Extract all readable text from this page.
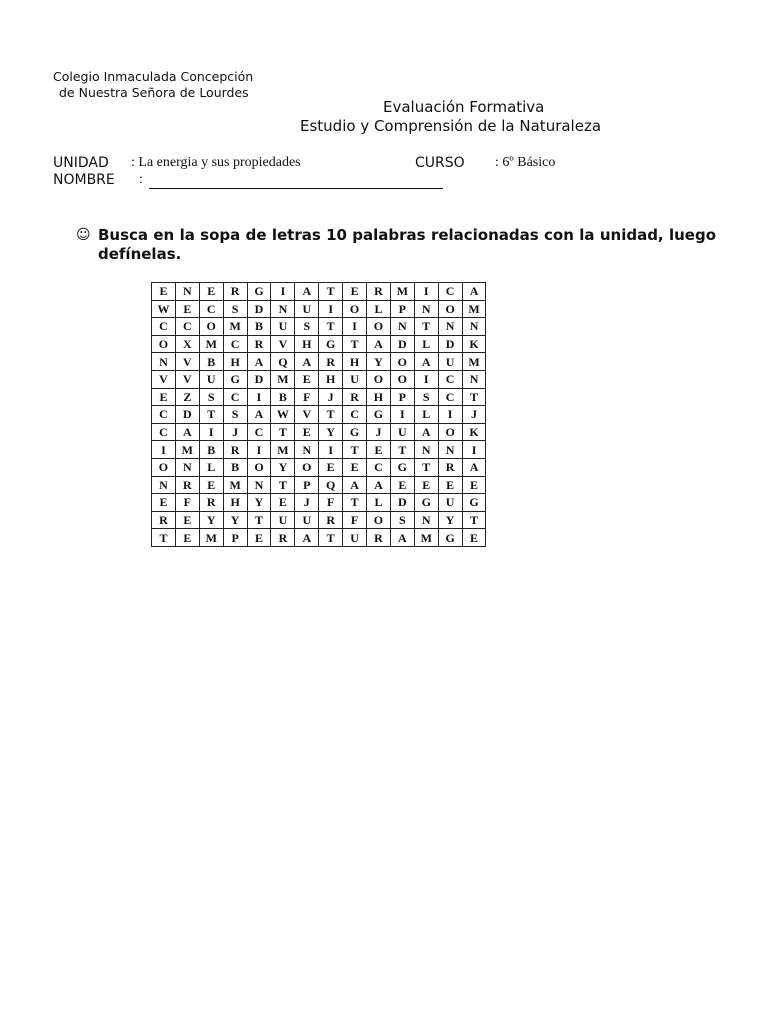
Colegio Inmaculada Concepción
de Nuestra Señora de Lourdes
Evaluación Formativa
Estudio y Comprensión de la Naturaleza
UNIDAD : La energia y sus propiedades	CURSO : 6º Básico
NOMBRE :
☺ Busca en la sopa de letras 10 palabras relacionadas con la unidad, luego defínelas.
E	N	E	R	G	I	A	T	E	R	M	I	C	A
W	E	C	S	D	N	U	I	O	L	P	N	O	M
C	C	O	M	B	U	S	T	I	O	N	T	N	N
O	X	M	C	R	V	H	G	T	A	D	L	D	K
N	V	B	H	A	Q	A	R	H	Y	O	A	U	M
V	V	U	G	D	M	E	H	U	O	O	I	C	N
E	Z	S	C	I	B	F	J	R	H	P	S	C	T
C	D	T	S	A	W	V	T	C	G	I	L	I	J
C	A	I	J	C	T	E	Y	G	J	U	A	O	K
I	M	B	R	I	M	N	I	T	E	T	N	N	I
O	N	L	B	O	Y	O	E	E	C	G	T	R	A
N	R	E	M	N	T	P	Q	A	A	E	E	E	E
E	F	R	H	Y	E	J	F	T	L	D	G	U	G
R	E	Y	Y	T	U	U	R	F	O	S	N	Y	T
T	E	M	P	E	R	A	T	U	R	A	M	G	E
